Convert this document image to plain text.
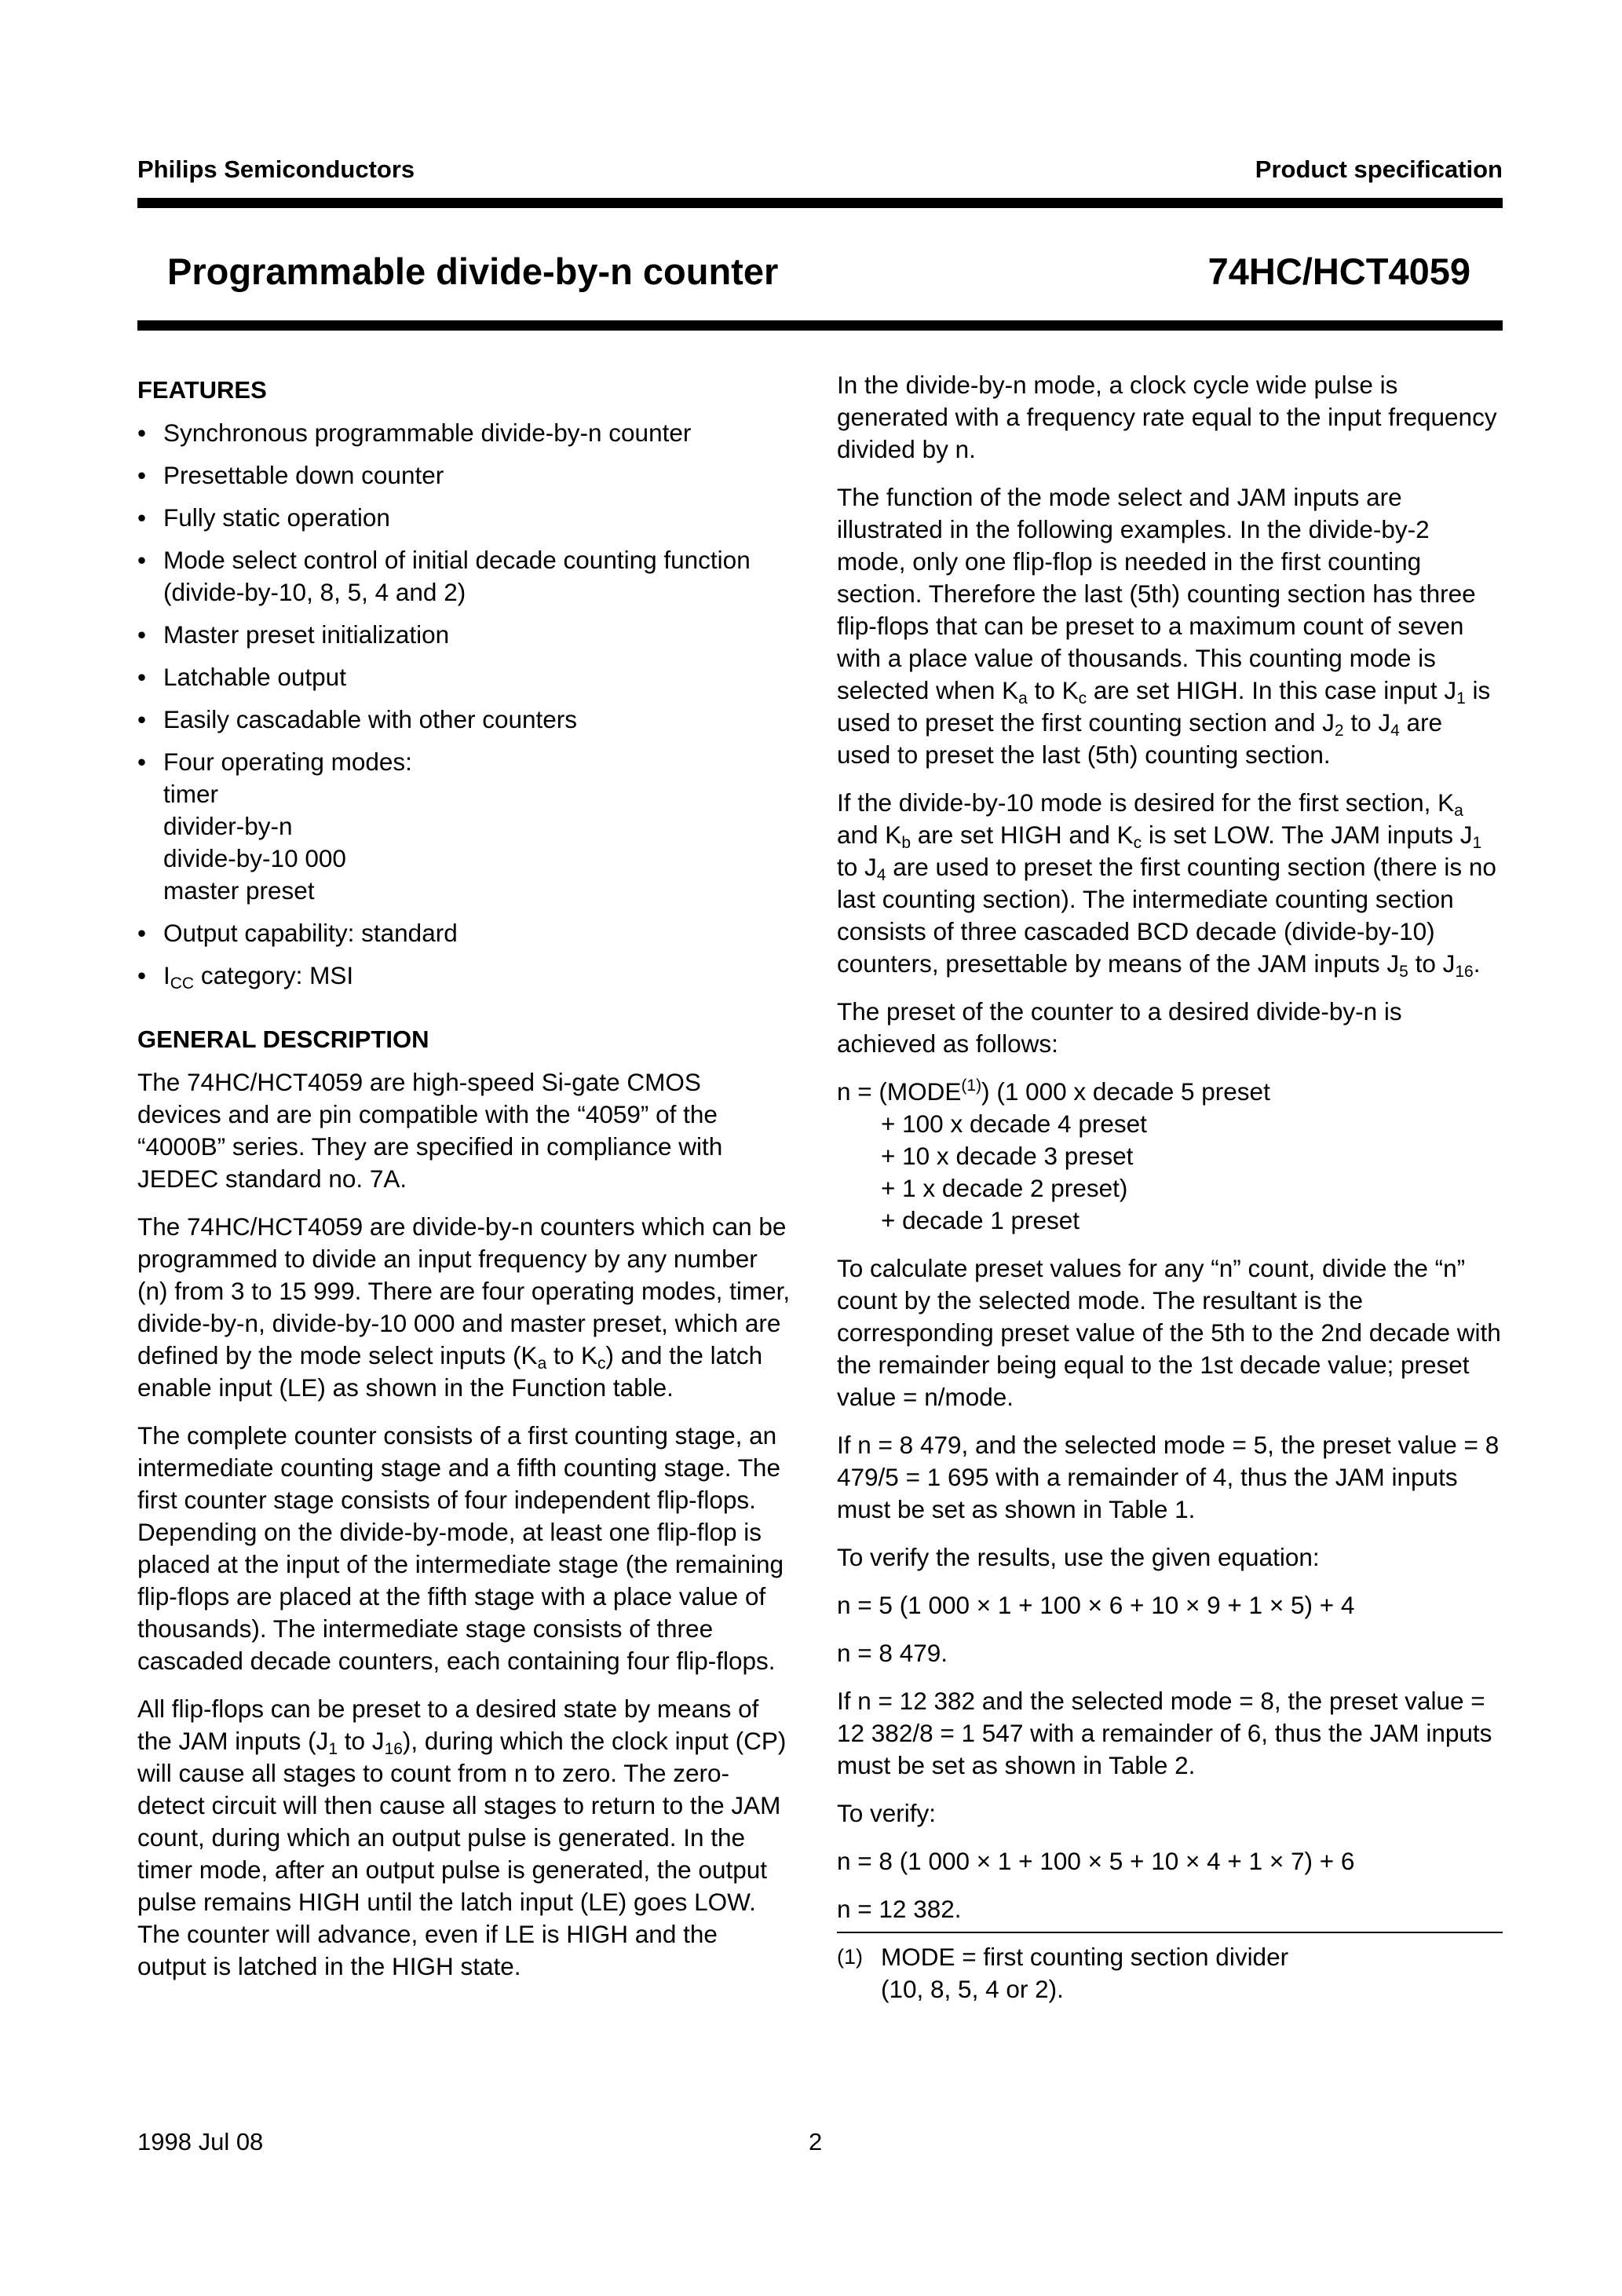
Philips Semiconductors	Product specification
Programmable divide-by-n counter	74HC/HCT4059
FEATURES
• Synchronous programmable divide-by-n counter
• Presettable down counter
• Fully static operation
• Mode select control of initial decade counting function (divide-by-10, 8, 5, 4 and 2)
• Master preset initialization
• Latchable output
• Easily cascadable with other counters
• Four operating modes:
timer
divider-by-n
divide-by-10 000
master preset
• Output capability: standard
• $I_{CC}$ category: MSI
GENERAL DESCRIPTION

The 74HC/HCT4059 are high-speed Si-gate CMOS devices and are pin compatible with the “4059” of the “4000B” series. They are specified in compliance with JEDEC standard no. 7A.

The 74HC/HCT4059 are divide-by-n counters which can be programmed to divide an input frequency by any number (n) from 3 to 15 999. There are four operating modes, timer, divide-by-n, divide-by-10 000 and master preset, which are defined by the mode select inputs ($K_a$ to $K_c$) and the latch enable input (LE) as shown in the Function table.

The complete counter consists of a first counting stage, an intermediate counting stage and a fifth counting stage. The first counter stage consists of four independent flip-flops. Depending on the divide-by-mode, at least one flip-flop is placed at the input of the intermediate stage (the remaining flip-flops are placed at the fifth stage with a place value of thousands). The intermediate stage consists of three cascaded decade counters, each containing four flip-flops.

All flip-flops can be preset to a desired state by means of the JAM inputs ($J_1$ to $J_{16}$), during which the clock input (CP) will cause all stages to count from n to zero. The zero-detect circuit will then cause all stages to return to the JAM count, during which an output pulse is generated. In the timer mode, after an output pulse is generated, the output pulse remains HIGH until the latch input (LE) goes LOW. The counter will advance, even if LE is HIGH and the output is latched in the HIGH state.

In the divide-by-n mode, a clock cycle wide pulse is generated with a frequency rate equal to the input frequency divided by n.

The function of the mode select and JAM inputs are illustrated in the following examples. In the divide-by-2 mode, only one flip-flop is needed in the first counting section. Therefore the last (5th) counting section has three flip-flops that can be preset to a maximum count of seven with a place value of thousands. This counting mode is selected when $K_a$ to $K_c$ are set HIGH. In this case input $J_1$ is used to preset the first counting section and $J_2$ to $J_4$ are used to preset the last (5th) counting section.

If the divide-by-10 mode is desired for the first section, $K_a$ and $K_b$ are set HIGH and $K_c$ is set LOW. The JAM inputs $J_1$ to $J_4$ are used to preset the first counting section (there is no last counting section). The intermediate counting section consists of three cascaded BCD decade (divide-by-10) counters, presettable by means of the JAM inputs $J_5$ to $J_{16}$.

The preset of the counter to a desired divide-by-n is achieved as follows:

$n = (MODE^{(1)})$ (1 000 x decade 5 preset
+ 100 x decade 4 preset
+ 10 x decade 3 preset
+ 1 x decade 2 preset)
+ decade 1 preset

To calculate preset values for any “n” count, divide the “n” count by the selected mode. The resultant is the corresponding preset value of the 5th to the 2nd decade with the remainder being equal to the 1st decade value; preset value = n/mode.

If n = 8 479, and the selected mode = 5, the preset value = 8 479/5 = 1 695 with a remainder of 4, thus the JAM inputs must be set as shown in Table 1.

To verify the results, use the given equation:

n = 5 (1 000 × 1 + 100 × 6 + 10 × 9 + 1 × 5) + 4

n = 8 479.

If n = 12 382 and the selected mode = 8, the preset value = 12 382/8 = 1 547 with a remainder of 6, thus the JAM inputs must be set as shown in Table 2.

To verify:

n = 8 (1 000 × 1 + 100 × 5 + 10 × 4 + 1 × 7) + 6

n = 12 382.

(1) MODE = first counting section divider
(10, 8, 5, 4 or 2).
1998 Jul 08	2
